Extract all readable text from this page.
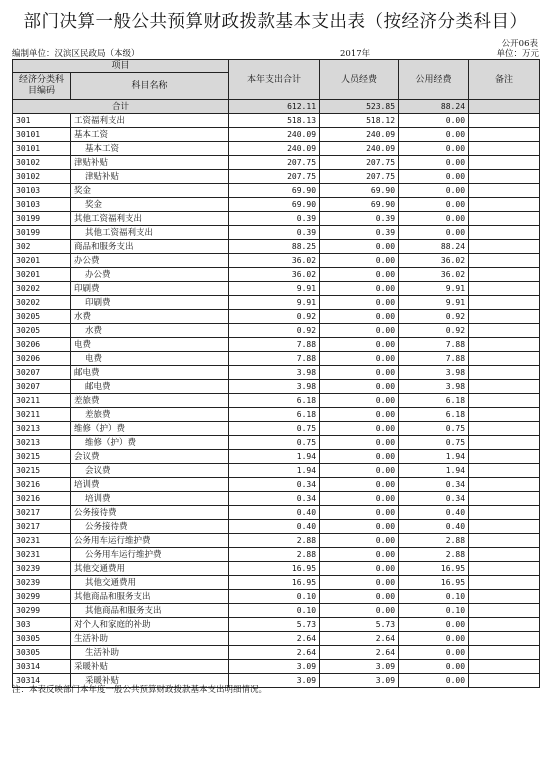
部门决算一般公共预算财政拨款基本支出表（按经济分类科目）
公开06表
编制单位：汉滨区民政局（本级）	2017年	单位：万元
项目		本年支出合计	人员经费	公用经费	备注
经济分类科目编码	科目名称				
合计		612.11	523.85	88.24	
301	工资福利支出	518.13	518.12	0.00	
30101	基本工资	240.09	240.09	0.00	
30101	基本工资	240.09	240.09	0.00	
30102	津贴补贴	207.75	207.75	0.00	
30102	津贴补贴	207.75	207.75	0.00	
30103	奖金	69.90	69.90	0.00	
30103	奖金	69.90	69.90	0.00	
30199	其他工资福利支出	0.39	0.39	0.00	
30199	其他工资福利支出	0.39	0.39	0.00	
302	商品和服务支出	88.25	0.00	88.24	
30201	办公费	36.02	0.00	36.02	
30201	办公费	36.02	0.00	36.02	
30202	印刷费	9.91	0.00	9.91	
30202	印刷费	9.91	0.00	9.91	
30205	水费	0.92	0.00	0.92	
30205	水费	0.92	0.00	0.92	
30206	电费	7.88	0.00	7.88	
30206	电费	7.88	0.00	7.88	
30207	邮电费	3.98	0.00	3.98	
30207	邮电费	3.98	0.00	3.98	
30211	差旅费	6.18	0.00	6.18	
30211	差旅费	6.18	0.00	6.18	
30213	维修（护）费	0.75	0.00	0.75	
30213	维修（护）费	0.75	0.00	0.75	
30215	会议费	1.94	0.00	1.94	
30215	会议费	1.94	0.00	1.94	
30216	培训费	0.34	0.00	0.34	
30216	培训费	0.34	0.00	0.34	
30217	公务接待费	0.40	0.00	0.40	
30217	公务接待费	0.40	0.00	0.40	
30231	公务用车运行维护费	2.88	0.00	2.88	
30231	公务用车运行维护费	2.88	0.00	2.88	
30239	其他交通费用	16.95	0.00	16.95	
30239	其他交通费用	16.95	0.00	16.95	
30299	其他商品和服务支出	0.10	0.00	0.10	
30299	其他商品和服务支出	0.10	0.00	0.10	
303	对个人和家庭的补助	5.73	5.73	0.00	
30305	生活补助	2.64	2.64	0.00	
30305	生活补助	2.64	2.64	0.00	
30314	采暖补贴	3.09	3.09	0.00	
30314	采暖补贴	3.09	3.09	0.00	
注：本表反映部门本年度一般公共预算财政拨款基本支出明细情况。
